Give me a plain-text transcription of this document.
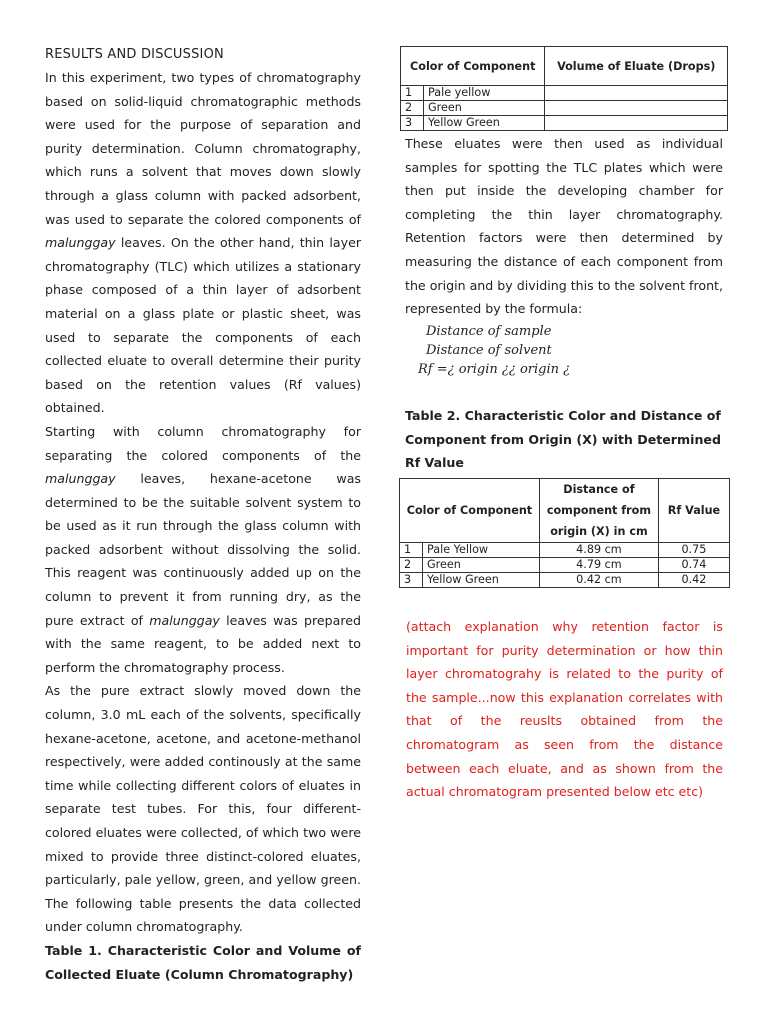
RESULTS AND DISCUSSION

In this experiment, two types of chromatography based on solid-liquid chromatographic methods were used for the purpose of separation and purity determination. Column chromatography, which runs a solvent that moves down slowly through a glass column with packed adsorbent, was used to separate the colored components of malunggay leaves. On the other hand, thin layer chromatography (TLC) which utilizes a stationary phase composed of a thin layer of adsorbent material on a glass plate or plastic sheet, was used to separate the components of each collected eluate to overall determine their purity based on the retention values (Rf values) obtained.

Starting with column chromatography for separating the colored components of the malunggay leaves, hexane-acetone was determined to be the suitable solvent system to be used as it run through the glass column with packed adsorbent without dissolving the solid. This reagent was continuously added up on the column to prevent it from running dry, as the pure extract of malunggay leaves was prepared with the same reagent, to be added next to perform the chromatography process.

As the pure extract slowly moved down the column, 3.0 mL each of the solvents, specifically hexane-acetone, acetone, and acetone-methanol respectively, were added continously at the same time while collecting different colors of eluates in separate test tubes. For this, four different-colored eluates were collected, of which two were mixed to provide three distinct-colored eluates, particularly, pale yellow, green, and yellow green. The following table presents the data collected under column chromatography.

Table 1. Characteristic Color and Volume of Collected Eluate (Column Chromatography)

Color of Component		Volume of Eluate (Drops)
1	Pale yellow	
2	Green	
3	Yellow Green	

These eluates were then used as individual samples for spotting the TLC plates which were then put inside the developing chamber for completing the thin layer chromatography. Retention factors were then determined by measuring the distance of each component from the origin and by dividing this to the solvent front, represented by the formula:

Distance of sample
Distance of solvent
Rf =¿ origin ¿¿ origin ¿

Table 2. Characteristic Color and Distance of Component from Origin (X) with Determined Rf Value

Color of Component		Distance of component from origin (X) in cm	Rf Value
1	Pale Yellow	4.89 cm	0.75
2	Green	4.79 cm	0.74
3	Yellow Green	0.42 cm	0.42

(attach explanation why retention factor is important for purity determination or how thin layer chromatograhy is related to the purity of the sample...now this explanation correlates with that of the reuslts obtained from the chromatogram as seen from the distance between each eluate, and as shown from the actual chromatogram presented below etc etc)
